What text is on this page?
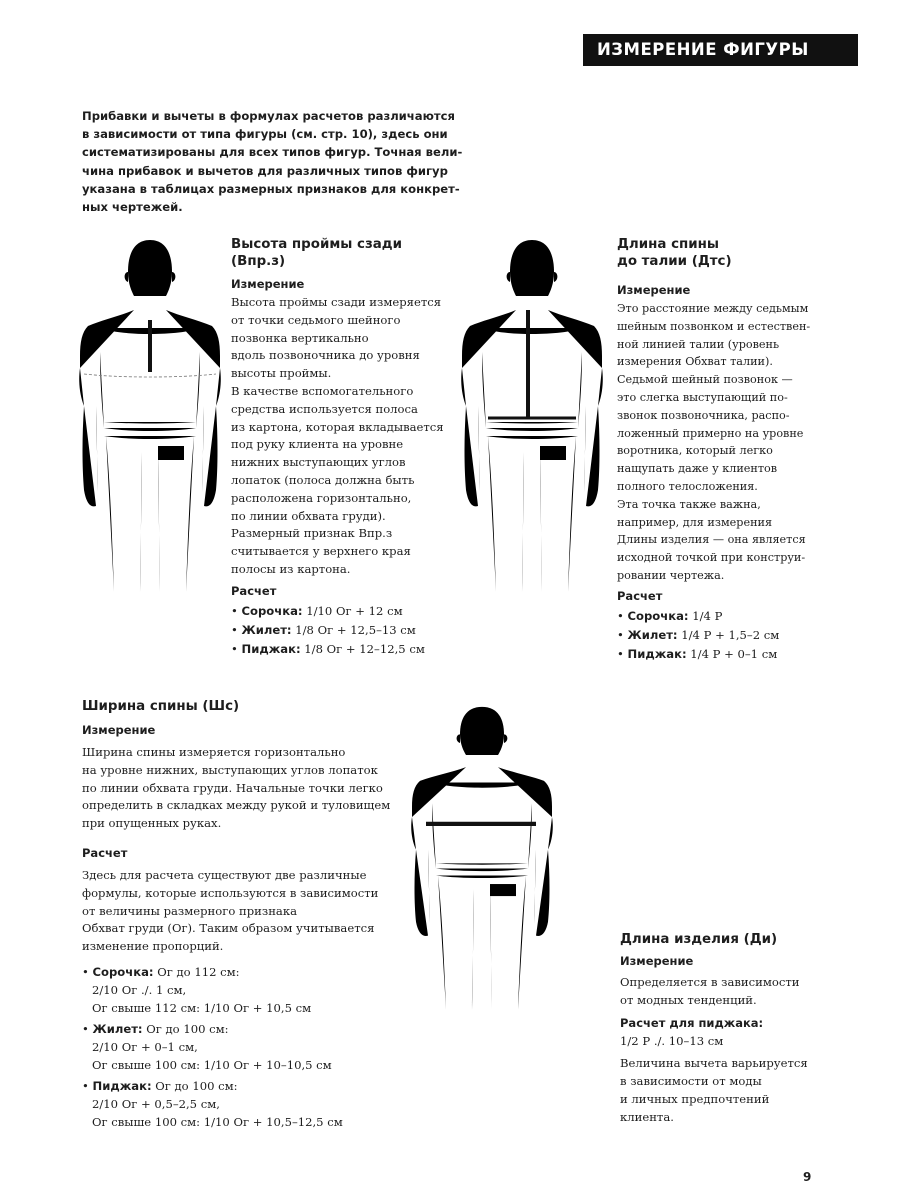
ИЗМЕРЕНИЕ ФИГУРЫ
Прибавки и вычеты в формулах расчетов различаются
в зависимости от типа фигуры (см. стр. 10), здесь они
систематизированы для всех типов фигур. Точная вели-
чина прибавок и вычетов для различных типов фигур
указана в таблицах размерных признаков для конкрет-
ных чертежей.
Высота проймы сзади
(Впр.з)
Измерение
Высота проймы сзади измеряется
от точки седьмого шейного
позвонка вертикально
вдоль позвоночника до уровня
высоты проймы.
В качестве вспомогательного
средства используется полоса
из картона, которая вкладывается
под руку клиента на уровне
нижних выступающих углов
лопаток (полоса должна быть
расположена горизонтально,
по линии обхвата груди).
Размерный признак Впр.з
считывается у верхнего края
полосы из картона.
Расчет
• Сорочка: 1/10 Ог + 12 см
• Жилет: 1/8 Ог + 12,5–13 см
• Пиджак: 1/8 Ог + 12–12,5 см
Длина спины
до талии (Дтс)
Измерение
Это расстояние между седьмым
шейным позвонком и естествен-
ной линией талии (уровень
измерения Обхват талии).
Седьмой шейный позвонок —
это слегка выступающий по-
звонок позвоночника, распо-
ложенный примерно на уровне
воротника, который легко
нащупать даже у клиентов
полного телосложения.
Эта точка также важна,
например, для измерения
Длины изделия — она является
исходной точкой при конструи-
ровании чертежа.
Расчет
• Сорочка: 1/4 Р
• Жилет: 1/4 Р + 1,5–2 см
• Пиджак: 1/4 Р + 0–1 см
Ширина спины (Шс)
Измерение
Ширина спины измеряется горизонтально
на уровне нижних, выступающих углов лопаток
по линии обхвата груди. Начальные точки легко
определить в складках между рукой и туловищем
при опущенных руках.
Расчет
Здесь для расчета существуют две различные
формулы, которые используются в зависимости
от величины размерного признака
Обхват груди (Ог). Таким образом учитывается
изменение пропорций.
• Сорочка: Ог до 112 см:
2/10 Ог ./. 1 см,
Ог свыше 112 см: 1/10 Ог + 10,5 см
• Жилет: Ог до 100 см:
2/10 Ог + 0–1 см,
Ог свыше 100 см: 1/10 Ог + 10–10,5 см
• Пиджак: Ог до 100 см:
2/10 Ог + 0,5–2,5 см,
Ог свыше 100 см: 1/10 Ог + 10,5–12,5 см
Длина изделия (Ди)
Измерение
Определяется в зависимости
от модных тенденций.
Расчет для пиджака:
1/2 Р ./. 10–13 см
Величина вычета варьируется
в зависимости от моды
и личных предпочтений
клиента.
9
